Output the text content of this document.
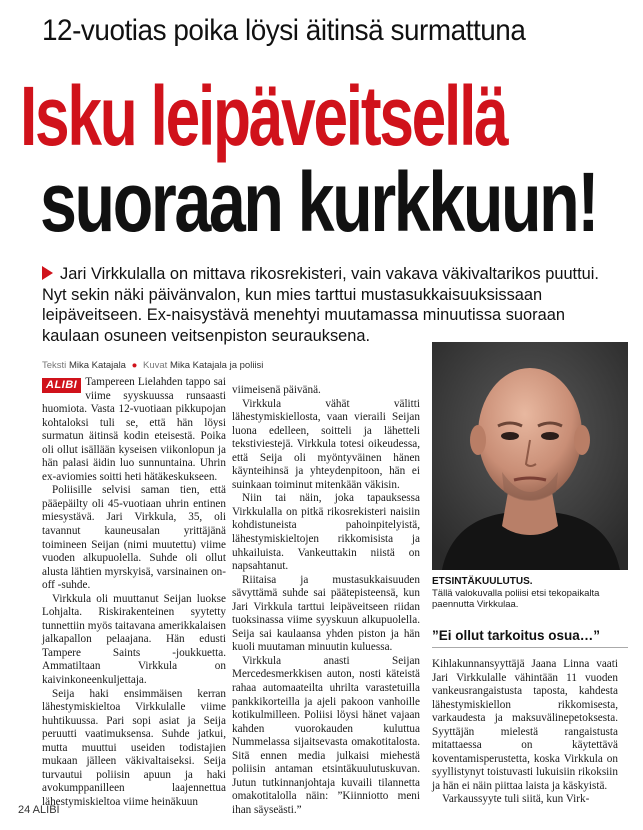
12-vuotias poika löysi äitinsä surmattuna
Isku leipäveitsellä
suoraan kurkkuun!
Jari Virkkulalla on mittava rikosrekisteri, vain vakava väkivaltarikos puuttui. Nyt sekin näki päivänvalon, kun mies tarttui mustasukkaisuuksissaan leipäveitseen. Ex-naisystävä menehtyi muutamassa minuutissa suoraan kaulaan osuneen veitsenpiston seurauksena.
Teksti Mika Katajala ● Kuvat Mika Katajala ja poliisi
ALIBI Tampereen Lielahden tappo sai viime syyskuussa runsaasti huomiota. Vasta 12-vuotiaan pikkupojan kohtaloksi tuli se, että hän löysi surmatun äitinsä kodin eteisestä. Poika oli ollut isällään kyseisen viikonlopun ja hän palasi äidin luo sunnuntaina. Uhrin ex-aviomies soitti heti hätäkeskukseen.

Poliisille selvisi saman tien, että pääepäilty oli 45-vuotiaan uhrin entinen miesystävä. Jari Virkkula, 35, oli tavannut kauneusalan yrittäjänä toimineen Seijan (nimi muutettu) viime vuoden alkupuolella. Suhde oli ollut alusta lähtien myrskyisä, varsinainen on-off -suhde.

Virkkula oli muuttanut Seijan luokse Lohjalta. Riskirakenteinen syytetty tunnettiin myös taitavana amerikkalaisen jalkapallon pelaajana. Hän edusti Tampere Saints -joukkuetta. Ammatiltaan Virkkula on kaivinkoneenkuljettaja.

Seija haki ensimmäisen kerran lähestymiskieltoa Virkkulalle viime huhtikuussa. Pari sopi asiat ja Seija peruutti vaatimuksensa. Suhde jatkui, mutta muuttui useiden todistajien mukaan jälleen väkivaltaiseksi. Seija turvautui poliisin apuun ja haki avokumppanilleen laajennettua lähestymiskieltoa viime heinäkuun

viimeisenä päivänä.

Virkkula vähät välitti lähestymiskiellosta, vaan vieraili Seijan luona edelleen, soitteli ja lähetteli tekstiviestejä. Virkkula totesi oikeudessa, että Seija oli myöntyväinen hänen käynteihinsä ja yhteydenpitoon, hän ei suinkaan toiminut mitenkään väkisin.

Niin tai näin, joka tapauksessa Virkkulalla on pitkä rikosrekisteri naisiin kohdistuneista pahoinpitelyistä, lähestymiskieltojen rikkomisista ja uhkailuista. Vankeuttakin niistä on napsahtanut.

Riitaisa ja mustasukkaisuuden sävyttämä suhde sai päätepisteensä, kun Jari Virkkula tarttui leipäveitseen riidan tuoksinassa viime syyskuun alkupuolella. Seija sai kaulaansa yhden piston ja hän kuoli muutaman minuutin kuluessa.

Virkkula anasti Seijan Mercedesmerkkisen auton, nosti käteistä rahaa automaateilta uhrilta varastetuilla pankkikorteilla ja ajeli pakoon vanhoille kotikulmilleen. Poliisi löysi hänet vajaan kahden vuorokauden kuluttua Nummelassa sijaitsevasta omakotitalosta. Sitä ennen media julkaisi miehestä poliisin antaman etsintäkuulutuskuvan. Jutun tutkinnanjohtaja kuvaili tilannetta omakotitalolla näin: ”Kiinniotto meni ihan säyseästi.”

ETSINTÄKUULUTUS.
Tällä valokuvalla poliisi etsi tekopaikalta paennutta Virkkulaa.
”Ei ollut tarkoitus osua…”

Kihlakunnansyyttäjä Jaana Linna vaati Jari Virkkulalle vähintään 11 vuoden vankeusrangaistusta taposta, kahdesta lähestymiskiellon rikkomisesta, varkaudesta ja maksuvälinepetoksesta. Syyttäjän mielestä rangaistusta mitattaessa on käytettävä koventamisperustetta, koska Virkkula on syyllistynyt toistuvasti lukuisiin rikoksiin ja hän ei näin piittaa laista ja käskyistä.

Varkaussyyte tuli siitä, kun Virk-

24 ALIBI
